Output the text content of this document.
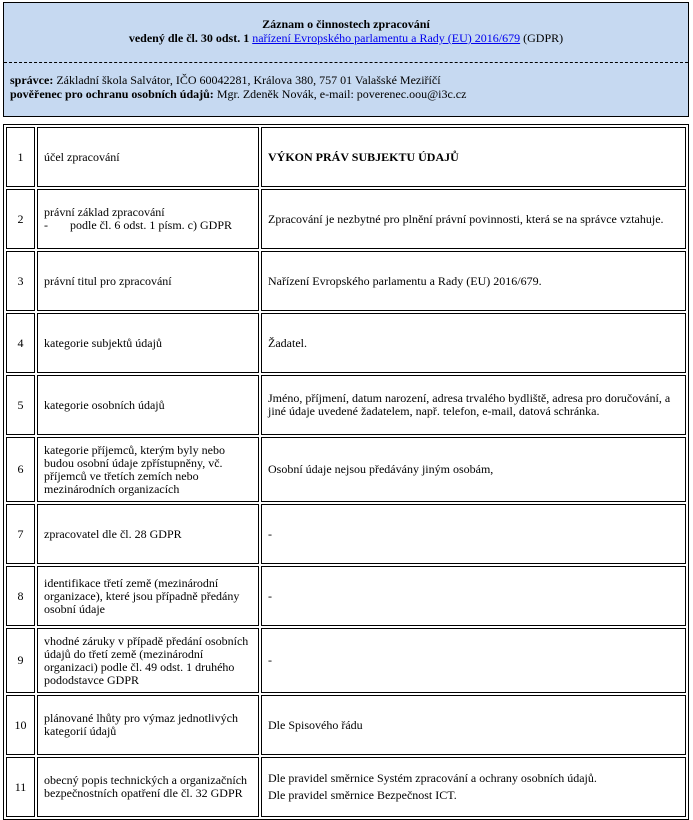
Záznam o činnostech zpracování
vedený dle čl. 30 odst. 1 nařízení Evropského parlamentu a Rady (EU) 2016/679 (GDPR)
správce: Základní škola Salvátor, IČO 60042281, Králova 380, 757 01 Valašské Meziříčí
pověřenec pro ochranu osobních údajů: Mgr. Zdeněk Novák, e-mail: poverenec.oou@i3c.cz
1	účel zpracování	VÝKON PRÁV SUBJEKTU ÚDAJŮ
2	právní základ zpracování
- podle čl. 6 odst. 1 písm. c) GDPR	Zpracování je nezbytné pro plnění právní povinnosti, která se na správce vztahuje.
3	právní titul pro zpracování	Nařízení Evropského parlamentu a Rady (EU) 2016/679.
4	kategorie subjektů údajů	Žadatel.
5	kategorie osobních údajů	Jméno, příjmení, datum narození, adresa trvalého bydliště, adresa pro doručování, a jiné údaje uvedené žadatelem, např. telefon, e-mail, datová schránka.
6	kategorie příjemců, kterým byly nebo budou osobní údaje zpřístupněny, vč. příjemců ve třetích zemích nebo mezinárodních organizacích	Osobní údaje nejsou předávány jiným osobám,
7	zpracovatel dle čl. 28 GDPR	-
8	identifikace třetí země (mezinárodní organizace), které jsou případně předány osobní údaje	-
9	vhodné záruky v případě předání osobních údajů do třetí země (mezinárodní organizaci) podle čl. 49 odst. 1 druhého pododstavce GDPR	-
10	plánované lhůty pro výmaz jednotlivých kategorií údajů	Dle Spisového řádu
11	obecný popis technických a organizačních bezpečnostních opatření dle čl. 32 GDPR	Dle pravidel směrnice Systém zpracování a ochrany osobních údajů.
Dle pravidel směrnice Bezpečnost ICT.
